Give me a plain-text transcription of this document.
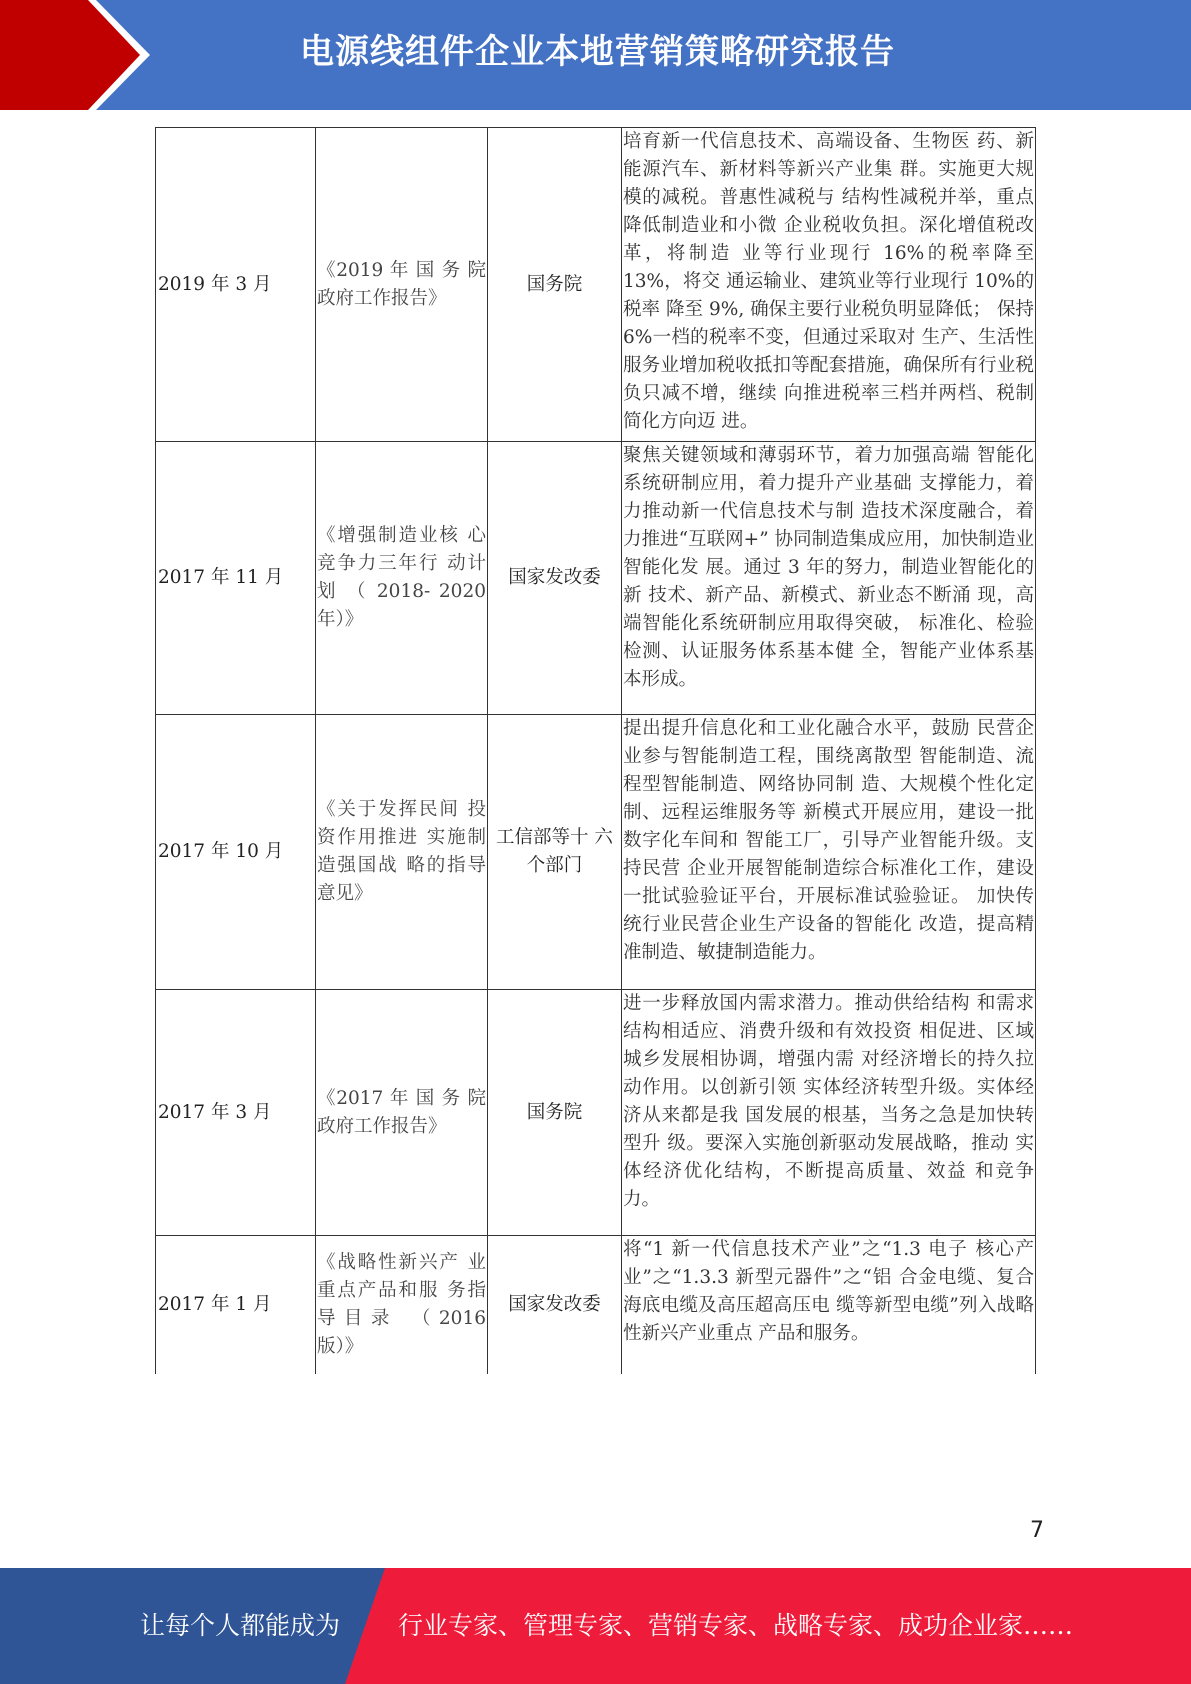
电源线组件企业本地营销策略研究报告
2019 年 3 月	《2019 年 国 务 院 政府工作报告》	国务院	培育新一代信息技术、高端设备、生物医 药、新能源汽车、新材料等新兴产业集 群。实施更大规模的减税。普惠性减税与 结构性减税并举，重点降低制造业和小微 企业税收负担。深化增值税改革，将制造 业等行业现行 16%的税率降至 13%，将交 通运输业、建筑业等行业现行 10%的税率 降至 9%, 确保主要行业税负明显降低； 保持 6%一档的税率不变，但通过采取对 生产、生活性服务业增加税收抵扣等配套措施，确保所有行业税负只减不增，继续 向推进税率三档并两档、税制简化方向迈 进。

2017 年 11 月	《增强制造业核 心竞争力三年行 动计划 （ 2018- 2020 年）》	国家发改委	聚焦关键领域和薄弱环节，着力加强高端 智能化系统研制应用，着力提升产业基础 支撑能力，着力推动新一代信息技术与制 造技术深度融合，着力推进“互联网+” 协同制造集成应用，加快制造业智能化发 展。通过 3 年的努力，制造业智能化的新 技术、新产品、新模式、新业态不断涌 现，高端智能化系统研制应用取得突破， 标准化、检验检测、认证服务体系基本健 全，智能产业体系基本形成。

2017 年 10 月	《关于发挥民间 投资作用推进 实施制造强国战 略的指导意见》	工信部等十 六个部门	提出提升信息化和工业化融合水平，鼓励 民营企业参与智能制造工程，围绕离散型 智能制造、流程型智能制造、网络协同制 造、大规模个性化定制、远程运维服务等 新模式开展应用，建设一批数字化车间和 智能工厂，引导产业智能升级。支持民营 企业开展智能制造综合标准化工作，建设 一批试验验证平台，开展标准试验验证。 加快传统行业民营企业生产设备的智能化 改造，提高精准制造、敏捷制造能力。

2017 年 3 月	《2017 年 国 务 院 政府工作报告》	国务院	进一步释放国内需求潜力。推动供给结构 和需求结构相适应、消费升级和有效投资 相促进、区域城乡发展相协调，增强内需 对经济增长的持久拉动作用。以创新引领 实体经济转型升级。实体经济从来都是我 国发展的根基，当务之急是加快转型升 级。要深入实施创新驱动发展战略，推动 实体经济优化结构，不断提高质量、效益 和竞争力。

2017 年 1 月	《战略性新兴产 业重点产品和服 务指导目录 （2016 版）》	国家发改委	将“1 新一代信息技术产业”之“1.3 电子 核心产业”之“1.3.3 新型元器件”之“铝 合金电缆、复合海底电缆及高压超高压电 缆等新型电缆”列入战略性新兴产业重点 产品和服务。
7
让每个人都能成为	行业专家、管理专家、营销专家、战略专家、成功企业家……
